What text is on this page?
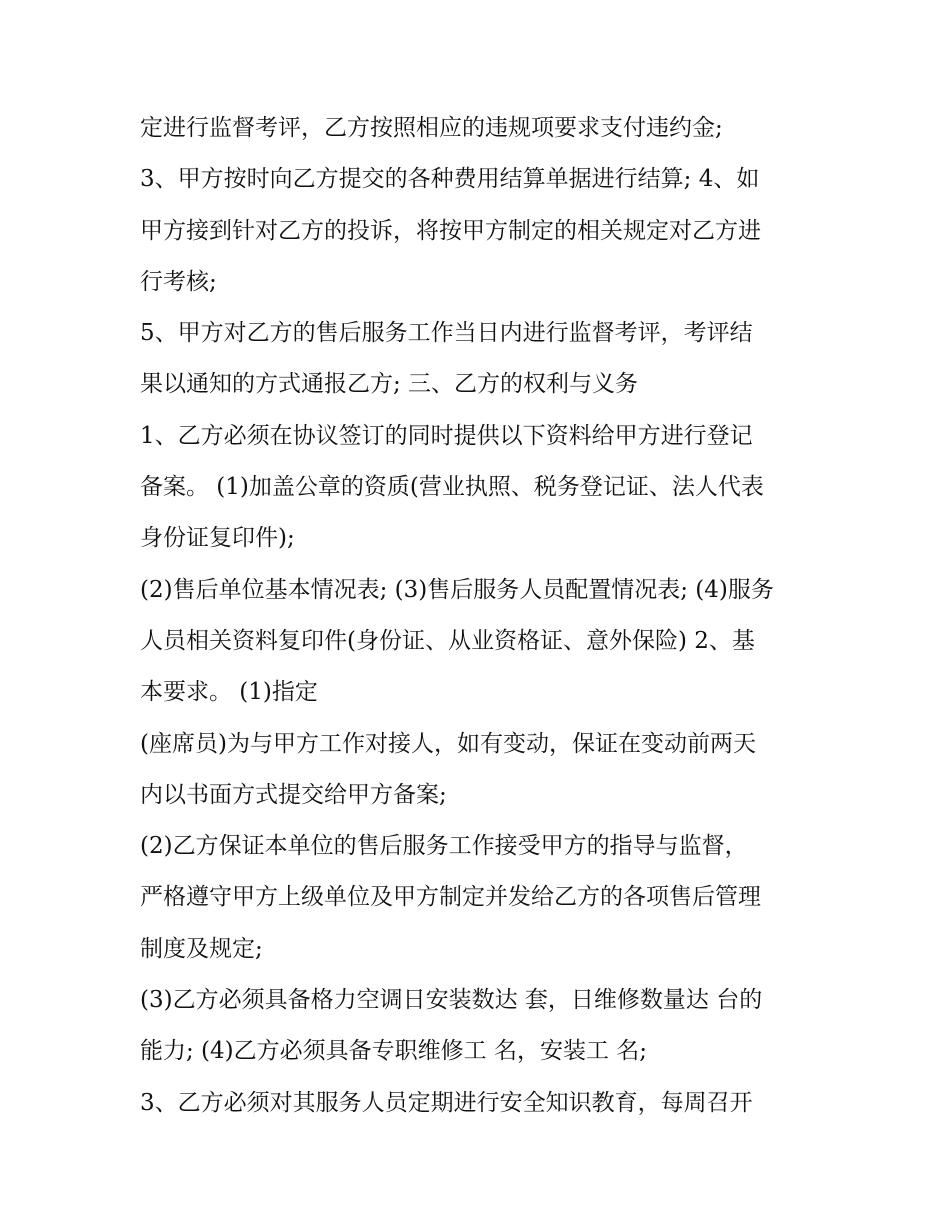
定进行监督考评，乙方按照相应的违规项要求支付违约金;
3、甲方按时向乙方提交的各种费用结算单据进行结算; 4、如
甲方接到针对乙方的投诉，将按甲方制定的相关规定对乙方进
行考核;
5、甲方对乙方的售后服务工作当日内进行监督考评，考评结
果以通知的方式通报乙方; 三、乙方的权利与义务
1、乙方必须在协议签订的同时提供以下资料给甲方进行登记
备案。 (1)加盖公章的资质(营业执照、税务登记证、法人代表
身份证复印件);
(2)售后单位基本情况表; (3)售后服务人员配置情况表; (4)服务
人员相关资料复印件(身份证、从业资格证、意外保险) 2、基
本要求。 (1)指定
(座席员)为与甲方工作对接人，如有变动，保证在变动前两天
内以书面方式提交给甲方备案;
(2)乙方保证本单位的售后服务工作接受甲方的指导与监督，
严格遵守甲方上级单位及甲方制定并发给乙方的各项售后管理
制度及规定;
(3)乙方必须具备格力空调日安装数达 套，日维修数量达 台的
能力; (4)乙方必须具备专职维修工 名，安装工 名;
3、乙方必须对其服务人员定期进行安全知识教育，每周召开
